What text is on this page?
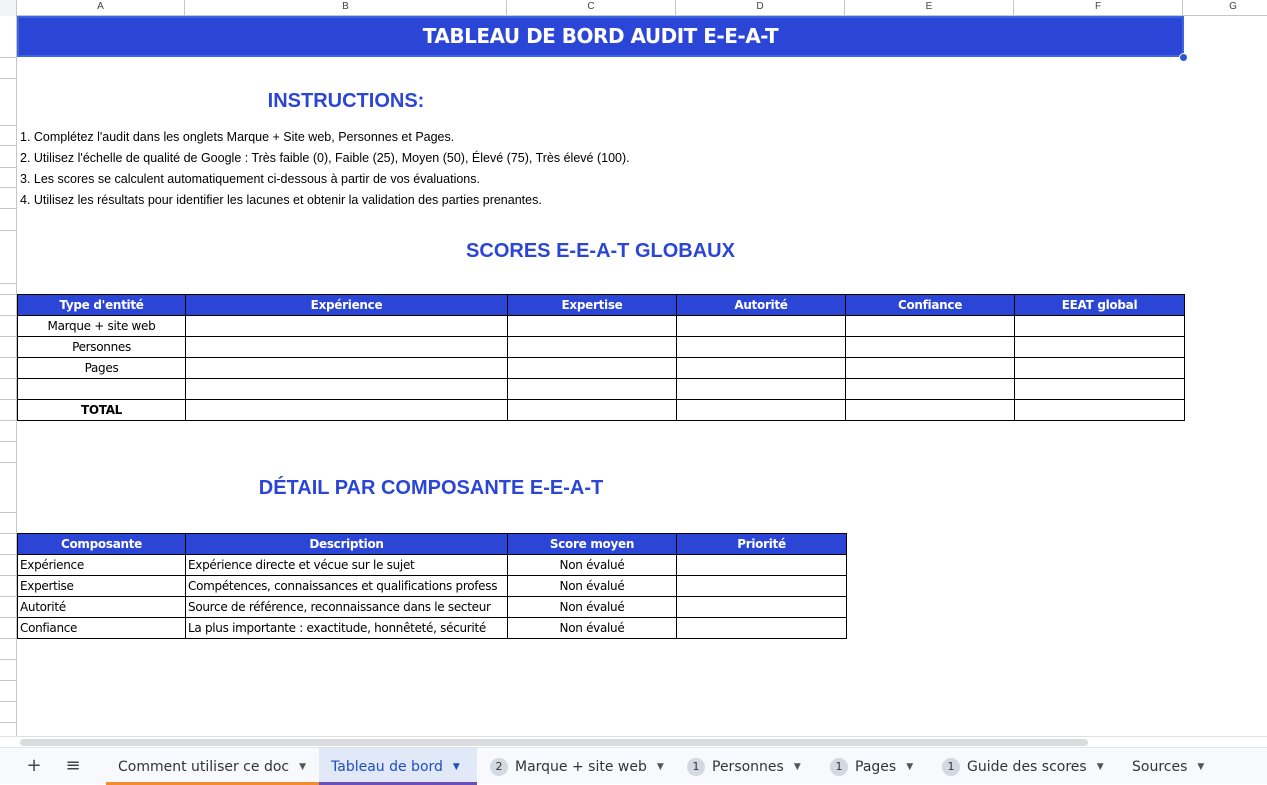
A	B	C	D	E	F	G
TABLEAU DE BORD AUDIT E-E-A-T
INSTRUCTIONS:
1. Complétez l'audit dans les onglets Marque + Site web, Personnes et Pages.
2. Utilisez l'échelle de qualité de Google : Très faible (0), Faible (25), Moyen (50), Élevé (75), Très élevé (100).
3. Les scores se calculent automatiquement ci-dessous à partir de vos évaluations.
4. Utilisez les résultats pour identifier les lacunes et obtenir la validation des parties prenantes.
SCORES E-E-A-T GLOBAUX
Type d'entité	Expérience	Expertise	Autorité	Confiance	EEAT global
Marque + site web					
Personnes					
Pages					

TOTAL					
DÉTAIL PAR COMPOSANTE E-E-A-T
Composante	Description	Score moyen	Priorité
Expérience	Expérience directe et vécue sur le sujet	Non évalué	
Expertise	Compétences, connaissances et qualifications profess	Non évalué	
Autorité	Source de référence, reconnaissance dans le secteur	Non évalué	
Confiance	La plus importante : exactitude, honnêteté, sécurité	Non évalué	
+ ≡	Comment utiliser ce doc ▼ Tableau de bord ▼	2 Marque + site web ▼	1 Personnes ▼	1 Pages ▼	1 Guide des scores ▼ Sources ▼
